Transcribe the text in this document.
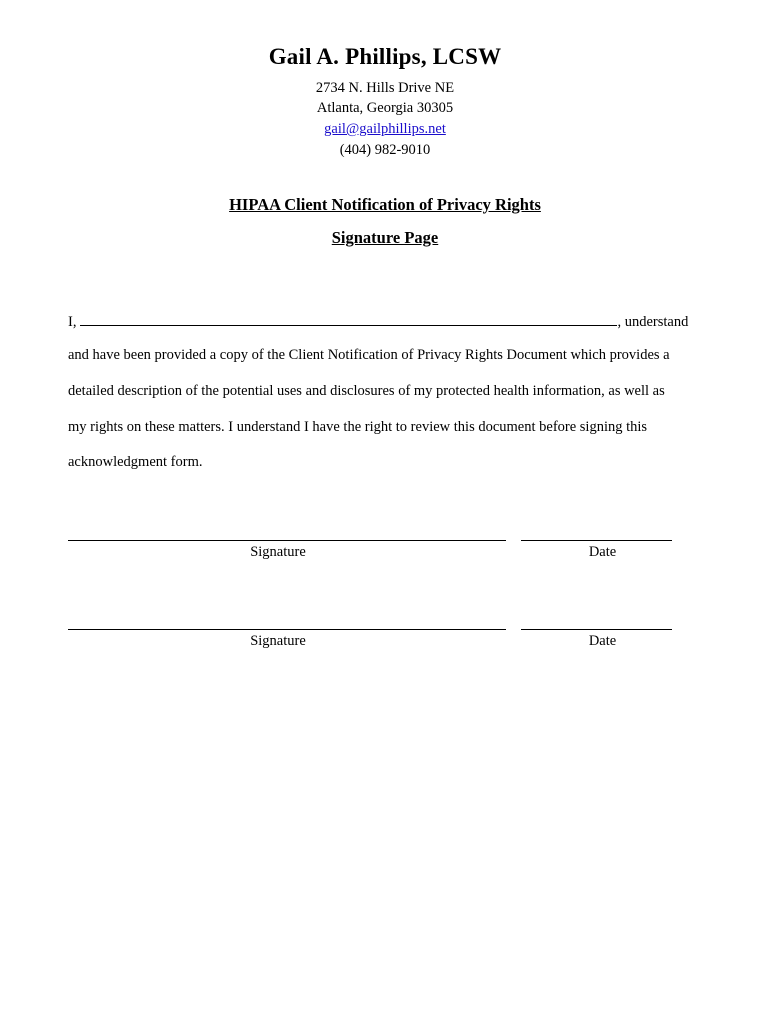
Gail A. Phillips, LCSW
2734 N. Hills Drive NE
Atlanta, Georgia 30305
gail@gailphillips.net
(404) 982-9010
HIPAA Client Notification of Privacy Rights
Signature Page
I,	, understand
and have been provided a copy of the Client Notification of Privacy Rights Document which provides a
detailed description of the potential uses and disclosures of my protected health information, as well as
my rights on these matters. I understand I have the right to review this document before signing this
acknowledgment form.
Signature	Date
Signature	Date
